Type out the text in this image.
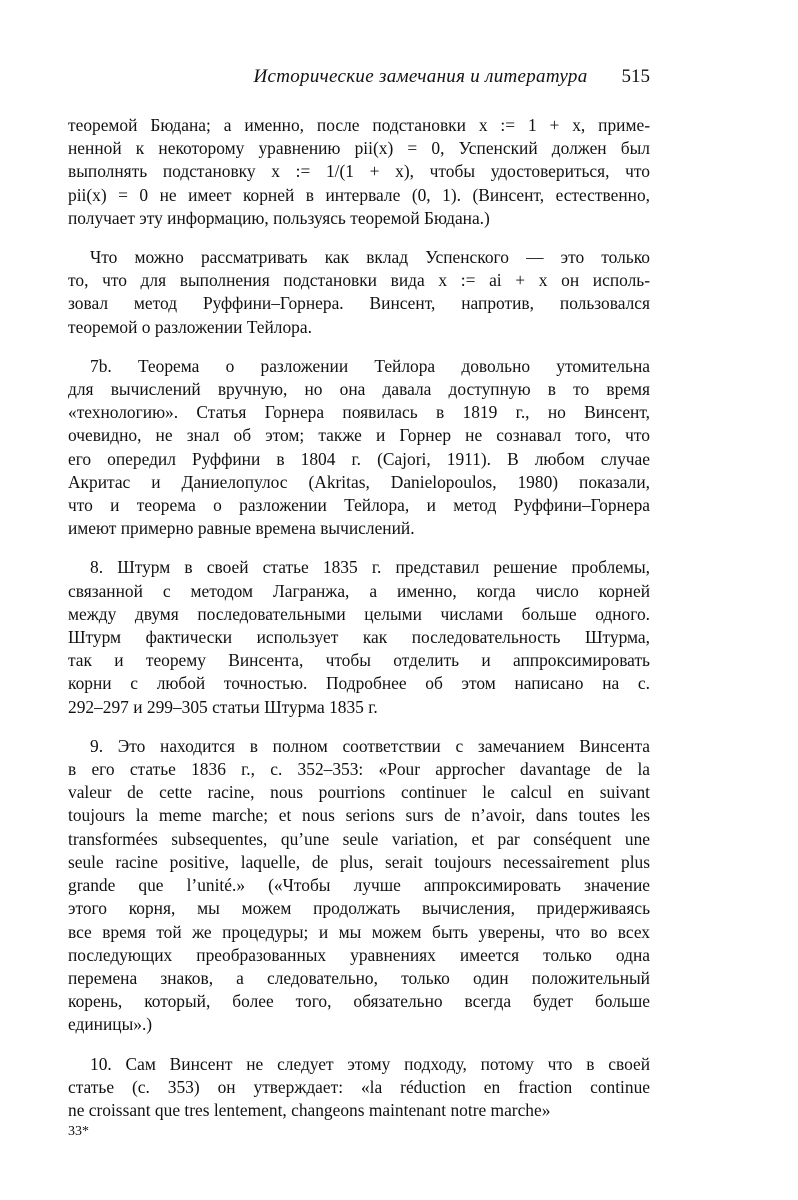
Исторические замечания и литература 515

теоремой Бюдана; а именно, после подстановки x := 1 + x, приме-
ненной к некоторому уравнению pii(x) = 0, Успенский должен был
выполнять подстановку x := 1/(1 + x), чтобы удостовериться, что
pii(x) = 0 не имеет корней в интервале (0, 1). (Винсент, естественно,
получает эту информацию, пользуясь теоремой Бюдана.)

Что можно рассматривать как вклад Успенского — это только
то, что для выполнения подстановки вида x := ai + x он исполь-
зовал метод Руффини–Горнера. Винсент, напротив, пользовался
теоремой о разложении Тейлора.

7b. Теорема о разложении Тейлора довольно утомительна
для вычислений вручную, но она давала доступную в то время
«технологию». Статья Горнера появилась в 1819 г., но Винсент,
очевидно, не знал об этом; также и Горнер не сознавал того, что
его опередил Руффини в 1804 г. (Cajori, 1911). В любом случае
Акритас и Даниелопулос (Akritas, Danielopoulos, 1980) показали,
что и теорема о разложении Тейлора, и метод Руффини–Горнера
имеют примерно равные времена вычислений.

8. Штурм в своей статье 1835 г. представил решение проблемы,
связанной с методом Лагранжа, а именно, когда число корней
между двумя последовательными целыми числами больше одного.
Штурм фактически использует как последовательность Штурма,
так и теорему Винсента, чтобы отделить и аппроксимировать
корни с любой точностью. Подробнее об этом написано на с.
292–297 и 299–305 статьи Штурма 1835 г.

9. Это находится в полном соответствии с замечанием Винсента
в его статье 1836 г., с. 352–353: «Pour approcher davantage de la
valeur de cette racine, nous pourrions continuer le calcul en suivant
toujours la meme marche; et nous serions surs de n’avoir, dans toutes les
transformées subsequentes, qu’une seule variation, et par conséquent une
seule racine positive, laquelle, de plus, serait toujours necessairement plus
grande que l’unité.» («Чтобы лучше аппроксимировать значение
этого корня, мы можем продолжать вычисления, придерживаясь
все время той же процедуры; и мы можем быть уверены, что во всех
последующих преобразованных уравнениях имеется только одна
перемена знаков, а следовательно, только один положительный
корень, который, более того, обязательно всегда будет больше
единицы».)

10. Сам Винсент не следует этому подходу, потому что в своей
статье (с. 353) он утверждает: «la réduction en fraction continue
ne croissant que tres lentement, changeons maintenant notre marche»

33*
